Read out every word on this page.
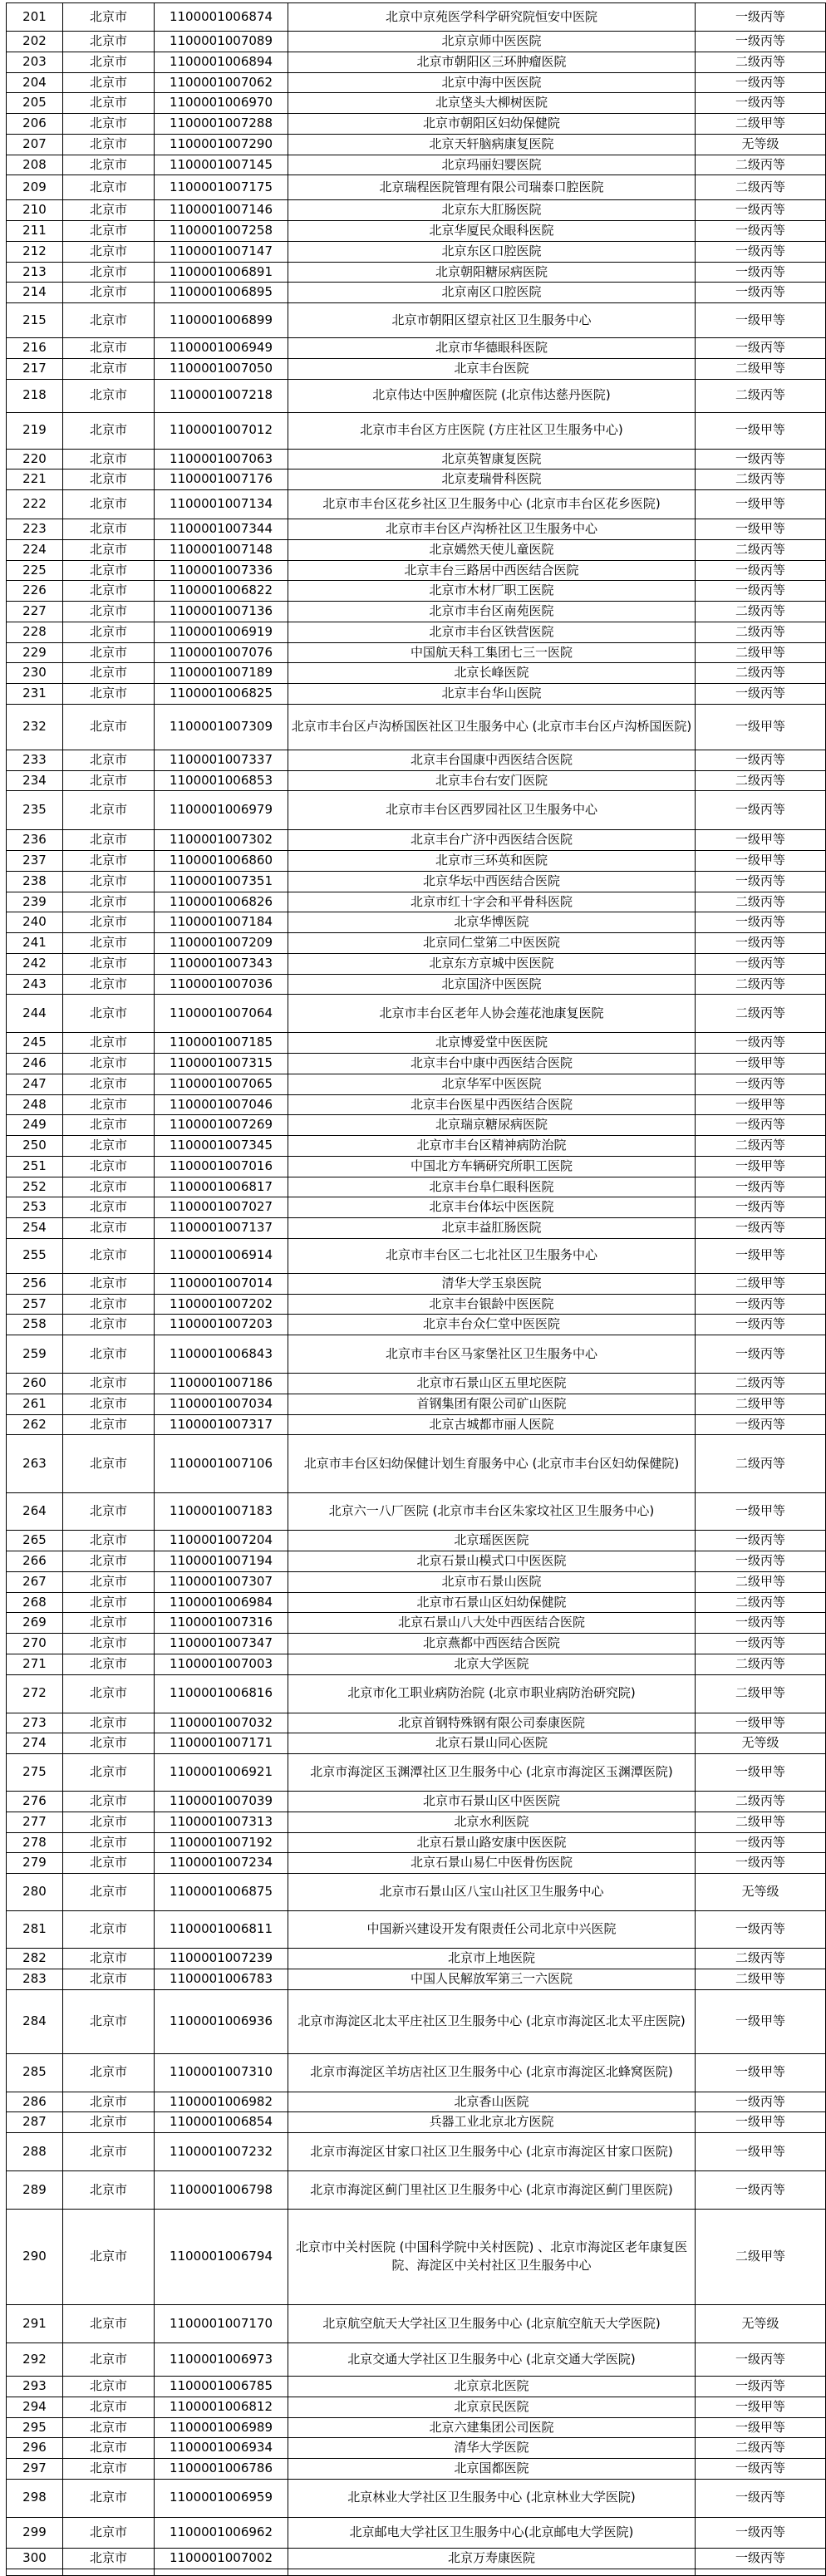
201	北京市	1100001006874	北京中京苑医学科学研究院恒安中医院	一级丙等
202	北京市	1100001007089	北京京师中医医院	一级丙等
203	北京市	1100001006894	北京市朝阳区三环肿瘤医院	二级丙等
204	北京市	1100001007062	北京中海中医医院	一级丙等
205	北京市	1100001006970	北京垡头大柳树医院	一级丙等
206	北京市	1100001007288	北京市朝阳区妇幼保健院	二级甲等
207	北京市	1100001007290	北京天轩脑病康复医院	无等级
208	北京市	1100001007145	北京玛丽妇婴医院	二级丙等
209	北京市	1100001007175	北京瑞程医院管理有限公司瑞泰口腔医院	二级丙等
210	北京市	1100001007146	北京东大肛肠医院	一级丙等
211	北京市	1100001007258	北京华厦民众眼科医院	一级丙等
212	北京市	1100001007147	北京东区口腔医院	一级丙等
213	北京市	1100001006891	北京朝阳糖尿病医院	一级丙等
214	北京市	1100001006895	北京南区口腔医院	一级丙等
215	北京市	1100001006899	北京市朝阳区望京社区卫生服务中心	一级甲等
216	北京市	1100001006949	北京市华德眼科医院	一级丙等
217	北京市	1100001007050	北京丰台医院	二级甲等
218	北京市	1100001007218	北京伟达中医肿瘤医院 (北京伟达慈丹医院)	二级丙等
219	北京市	1100001007012	北京市丰台区方庄医院 (方庄社区卫生服务中心)	一级甲等
220	北京市	1100001007063	北京英智康复医院	一级丙等
221	北京市	1100001007176	北京麦瑞骨科医院	二级丙等
222	北京市	1100001007134	北京市丰台区花乡社区卫生服务中心 (北京市丰台区花乡医院)	一级甲等
223	北京市	1100001007344	北京市丰台区卢沟桥社区卫生服务中心	一级甲等
224	北京市	1100001007148	北京嫣然天使儿童医院	二级丙等
225	北京市	1100001007336	北京丰台三路居中西医结合医院	一级丙等
226	北京市	1100001006822	北京市木材厂职工医院	一级丙等
227	北京市	1100001007136	北京市丰台区南苑医院	二级丙等
228	北京市	1100001006919	北京市丰台区铁营医院	二级丙等
229	北京市	1100001007076	中国航天科工集团七三一医院	二级甲等
230	北京市	1100001007189	北京长峰医院	二级丙等
231	北京市	1100001006825	北京丰台华山医院	一级丙等
232	北京市	1100001007309	北京市丰台区卢沟桥国医社区卫生服务中心 (北京市丰台区卢沟桥国医院)	一级甲等
233	北京市	1100001007337	北京丰台国康中西医结合医院	一级丙等
234	北京市	1100001006853	北京丰台右安门医院	二级丙等
235	北京市	1100001006979	北京市丰台区西罗园社区卫生服务中心	一级丙等
236	北京市	1100001007302	北京丰台广济中西医结合医院	一级甲等
237	北京市	1100001006860	北京市三环英和医院	一级甲等
238	北京市	1100001007351	北京华坛中西医结合医院	一级丙等
239	北京市	1100001006826	北京市红十字会和平骨科医院	二级丙等
240	北京市	1100001007184	北京华博医院	一级丙等
241	北京市	1100001007209	北京同仁堂第二中医医院	一级丙等
242	北京市	1100001007343	北京东方京城中医医院	一级丙等
243	北京市	1100001007036	北京国济中医医院	二级丙等
244	北京市	1100001007064	北京市丰台区老年人协会莲花池康复医院	二级丙等
245	北京市	1100001007185	北京博爱堂中医医院	一级丙等
246	北京市	1100001007315	北京丰台中康中西医结合医院	一级甲等
247	北京市	1100001007065	北京华军中医医院	一级丙等
248	北京市	1100001007046	北京丰台医星中西医结合医院	一级甲等
249	北京市	1100001007269	北京瑞京糖尿病医院	一级丙等
250	北京市	1100001007345	北京市丰台区精神病防治院	二级丙等
251	北京市	1100001007016	中国北方车辆研究所职工医院	一级甲等
252	北京市	1100001006817	北京丰台阜仁眼科医院	一级丙等
253	北京市	1100001007027	北京丰台体坛中医医院	一级丙等
254	北京市	1100001007137	北京丰益肛肠医院	一级丙等
255	北京市	1100001006914	北京市丰台区二七北社区卫生服务中心	一级甲等
256	北京市	1100001007014	清华大学玉泉医院	二级甲等
257	北京市	1100001007202	北京丰台银龄中医医院	一级丙等
258	北京市	1100001007203	北京丰台众仁堂中医医院	一级丙等
259	北京市	1100001006843	北京市丰台区马家堡社区卫生服务中心	一级丙等
260	北京市	1100001007186	北京市石景山区五里坨医院	二级丙等
261	北京市	1100001007034	首钢集团有限公司矿山医院	二级甲等
262	北京市	1100001007317	北京古城都市丽人医院	一级丙等
263	北京市	1100001007106	北京市丰台区妇幼保健计划生育服务中心 (北京市丰台区妇幼保健院)	二级丙等
264	北京市	1100001007183	北京六一八厂医院 (北京市丰台区朱家坟社区卫生服务中心)	一级甲等
265	北京市	1100001007204	北京瑶医医院	一级丙等
266	北京市	1100001007194	北京石景山模式口中医医院	一级丙等
267	北京市	1100001007307	北京市石景山医院	二级甲等
268	北京市	1100001006984	北京市石景山区妇幼保健院	二级丙等
269	北京市	1100001007316	北京石景山八大处中西医结合医院	一级丙等
270	北京市	1100001007347	北京燕都中西医结合医院	一级丙等
271	北京市	1100001007003	北京大学医院	二级丙等
272	北京市	1100001006816	北京市化工职业病防治院 (北京市职业病防治研究院)	二级甲等
273	北京市	1100001007032	北京首钢特殊钢有限公司泰康医院	一级甲等
274	北京市	1100001007171	北京石景山同心医院	无等级
275	北京市	1100001006921	北京市海淀区玉渊潭社区卫生服务中心 (北京市海淀区玉渊潭医院)	一级甲等
276	北京市	1100001007039	北京市石景山区中医医院	二级丙等
277	北京市	1100001007313	北京水利医院	二级甲等
278	北京市	1100001007192	北京石景山路安康中医医院	一级丙等
279	北京市	1100001007234	北京石景山易仁中医骨伤医院	一级丙等
280	北京市	1100001006875	北京市石景山区八宝山社区卫生服务中心	无等级
281	北京市	1100001006811	中国新兴建设开发有限责任公司北京中兴医院	一级丙等
282	北京市	1100001007239	北京市上地医院	二级丙等
283	北京市	1100001006783	中国人民解放军第三一六医院	二级甲等
284	北京市	1100001006936	北京市海淀区北太平庄社区卫生服务中心 (北京市海淀区北太平庄医院)	一级甲等
285	北京市	1100001007310	北京市海淀区羊坊店社区卫生服务中心 (北京市海淀区北蜂窝医院)	一级甲等
286	北京市	1100001006982	北京香山医院	一级丙等
287	北京市	1100001006854	兵器工业北京北方医院	一级甲等
288	北京市	1100001007232	北京市海淀区甘家口社区卫生服务中心 (北京市海淀区甘家口医院)	一级甲等
289	北京市	1100001006798	北京市海淀区蓟门里社区卫生服务中心 (北京市海淀区蓟门里医院)	一级丙等
290	北京市	1100001006794	北京市中关村医院 (中国科学院中关村医院) 、北京市海淀区老年康复医院、海淀区中关村社区卫生服务中心	二级甲等
291	北京市	1100001007170	北京航空航天大学社区卫生服务中心 (北京航空航天大学医院)	无等级
292	北京市	1100001006973	北京交通大学社区卫生服务中心 (北京交通大学医院)	一级丙等
293	北京市	1100001006785	北京京北医院	一级丙等
294	北京市	1100001006812	北京京民医院	一级甲等
295	北京市	1100001006989	北京六建集团公司医院	一级甲等
296	北京市	1100001006934	清华大学医院	二级丙等
297	北京市	1100001006786	北京国都医院	一级丙等
298	北京市	1100001006959	北京林业大学社区卫生服务中心 (北京林业大学医院)	一级丙等
299	北京市	1100001006962	北京邮电大学社区卫生服务中心(北京邮电大学医院)	一级丙等
300	北京市	1100001007002	北京万寿康医院	一级丙等
